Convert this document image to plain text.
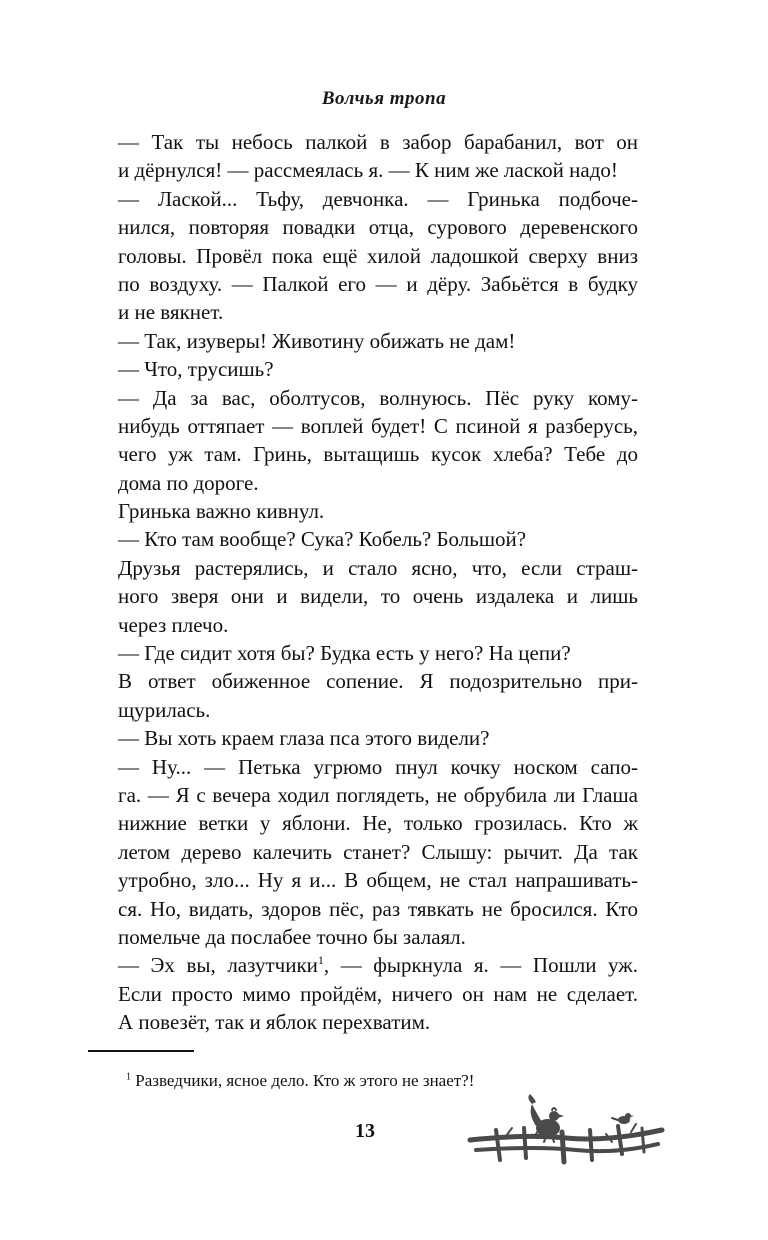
Волчья тропа
— Так ты небось палкой в забор барабанил, вот он
и дёрнулся! — рассмеялась я. — К ним же лаской надо!
— Лаской... Тьфу, девчонка. — Гринька подбоче-
нился, повторяя повадки отца, сурового деревенского
головы. Провёл пока ещё хилой ладошкой сверху вниз
по воздуху. — Палкой его — и дёру. Забьётся в будку
и не вякнет.
— Так, изуверы! Животину обижать не дам!
— Что, трусишь?
— Да за вас, оболтусов, волнуюсь. Пёс руку кому-
нибудь оттяпает — воплей будет! С псиной я разберусь,
чего уж там. Гринь, вытащишь кусок хлеба? Тебе до
дома по дороге.
Гринька важно кивнул.
— Кто там вообще? Сука? Кобель? Большой?
Друзья растерялись, и стало ясно, что, если страш-
ного зверя они и видели, то очень издалека и лишь
через плечо.
— Где сидит хотя бы? Будка есть у него? На цепи?
В ответ обиженное сопение. Я подозрительно при-
щурилась.
— Вы хоть краем глаза пса этого видели?
— Ну... — Петька угрюмо пнул кочку носком сапо-
га. — Я с вечера ходил поглядеть, не обрубила ли Глаша
нижние ветки у яблони. Не, только грозилась. Кто ж
летом дерево калечить станет? Слышу: рычит. Да так
утробно, зло... Ну я и... В общем, не стал напрашивать-
ся. Но, видать, здоров пёс, раз тявкать не бросился. Кто
помельче да послабее точно бы залаял.
— Эх вы, лазутчики$^1$, — фыркнула я. — Пошли уж.
Если просто мимо пройдём, ничего он нам не сделает.
А повезёт, так и яблок перехватим.
$^1$ Разведчики, ясное дело. Кто ж этого не знает?!
13
